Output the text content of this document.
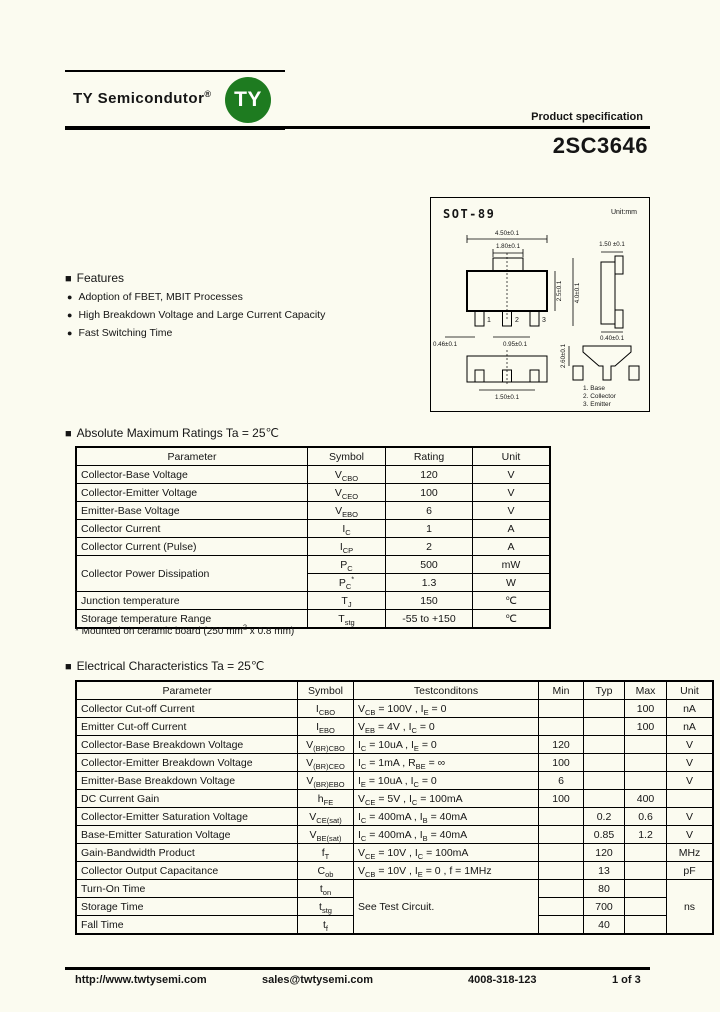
TY Semicondutor® TY
Product specification
2SC3646
SOT-89	Unit:mm
4.50±0.1
1.80±0.1
1	2	3
2.5±0.1 4.0±0.1
0.46±0.1	0.95±0.1
1.50±0.1
1.50 ±0.1
0.40±0.1
2.60±0.1
1. Base
2. Collector
3. Emitter
■ Features
● Adoption of FBET, MBIT Processes
● High Breakdown Voltage and Large Current Capacity
● Fast Switching Time
■ Absolute Maximum Ratings Ta = 25℃
Parameter	Symbol	Rating	Unit
Collector-Base Voltage	$V_{CBO}$	120	V
Collector-Emitter Voltage	$V_{CEO}$	100	V
Emitter-Base Voltage	$V_{EBO}$	6	V
Collector Current	$I_C$	1	A
Collector Current (Pulse)	$I_{CP}$	2	A
Collector Power Dissipation	$P_C$	500	mW
	$P_C^*$	1.3	W
Junction temperature	$T_J$	150	℃
Storage temperature Range	$T_{stg}$	-55 to +150	℃
* Mounted on ceramic board (250 $mm^2$ x 0.8 mm)
■ Electrical Characteristics Ta = 25℃
Parameter	Symbol	Testconditons	Min	Typ	Max	Unit
Collector Cut-off Current	$I_{CBO}$	$V_{CB} = 100V$ , $I_E = 0$			100	nA
Emitter Cut-off Current	$I_{EBO}$	$V_{EB} = 4V$ , $I_C = 0$			100	nA
Collector-Base Breakdown Voltage	$V_{(BR)CBO}$	$I_C = 10uA$ , $I_E = 0$	120			V
Collector-Emitter Breakdown Voltage	$V_{(BR)CEO}$	$I_C = 1mA$ , $R_{BE}$ = ∞	100			V
Emitter-Base Breakdown Voltage	$V_{(BR)EBO}$	$I_E = 10uA$ , $I_C = 0$	6			V
DC Current Gain	$h_{FE}$	$V_{CE} = 5V$ , $I_C = 100mA$	100		400	
Collector-Emitter Saturation Voltage	$V_{CE(sat)}$	$I_C = 400mA$ , $I_B = 40mA$		0.2	0.6	V
Base-Emitter Saturation Voltage	$V_{BE(sat)}$	$I_C = 400mA$ , $I_B = 40mA$		0.85	1.2	V
Gain-Bandwidth Product	$f_T$	$V_{CE} = 10V$ , $I_C = 100mA$		120		MHz
Collector Output Capacitance	$C_{ob}$	$V_{CB} = 10V$ , $I_E = 0$ , f = 1MHz		13		pF
Turn-On Time	$t_{on}$	See Test Circuit.		80		ns
Storage Time	$t_{stg}$			700		
Fall Time	$t_f$			40		
http://www.twtysemi.com	sales@twtysemi.com	4008-318-123	1 of 3
